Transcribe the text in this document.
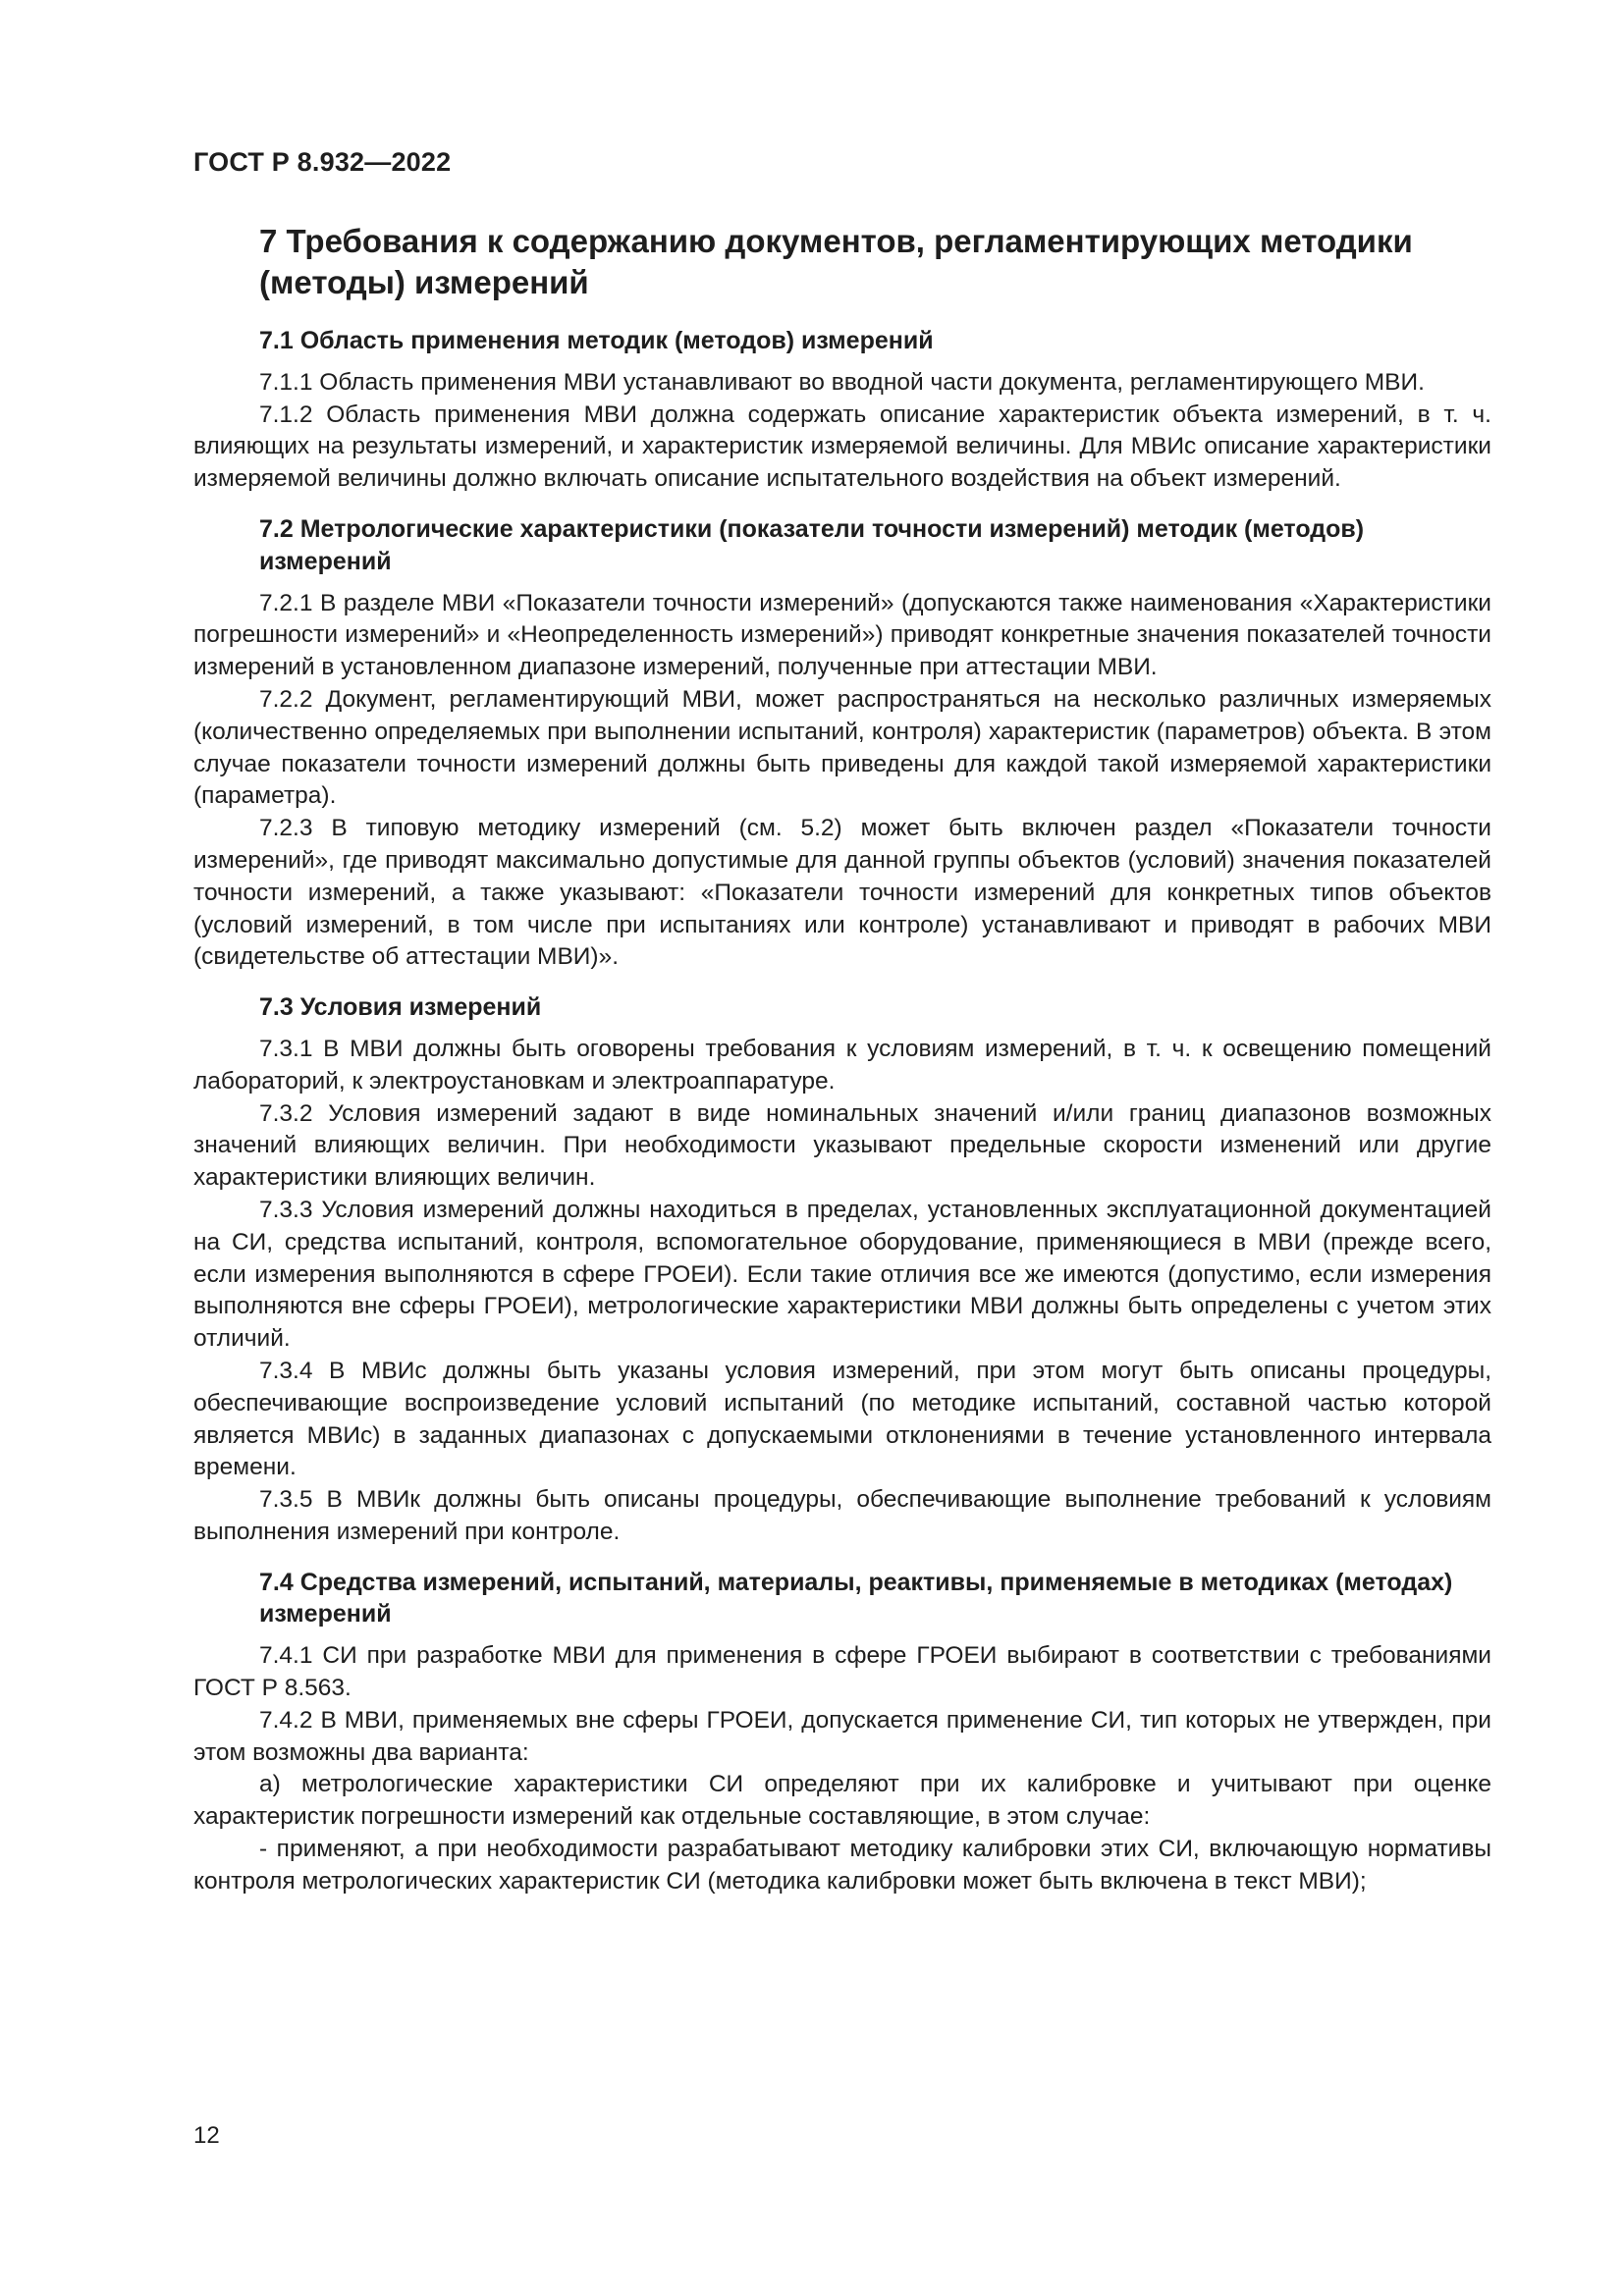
ГОСТ Р 8.932—2022
7 Требования к содержанию документов, регламентирующих методики (методы) измерений
7.1 Область применения методик (методов) измерений

7.1.1 Область применения МВИ устанавливают во вводной части документа, регламентирующего МВИ.

7.1.2 Область применения МВИ должна содержать описание характеристик объекта измерений, в т. ч. влияющих на результаты измерений, и характеристик измеряемой величины. Для МВИс описание характеристики измеряемой величины должно включать описание испытательного воздействия на объект измерений.

7.2 Метрологические характеристики (показатели точности измерений) методик (методов) измерений

7.2.1 В разделе МВИ «Показатели точности измерений» (допускаются также наименования «Характеристики погрешности измерений» и «Неопределенность измерений») приводят конкретные значения показателей точности измерений в установленном диапазоне измерений, полученные при аттестации МВИ.

7.2.2 Документ, регламентирующий МВИ, может распространяться на несколько различных измеряемых (количественно определяемых при выполнении испытаний, контроля) характеристик (параметров) объекта. В этом случае показатели точности измерений должны быть приведены для каждой такой измеряемой характеристики (параметра).

7.2.3 В типовую методику измерений (см. 5.2) может быть включен раздел «Показатели точности измерений», где приводят максимально допустимые для данной группы объектов (условий) значения показателей точности измерений, а также указывают: «Показатели точности измерений для конкретных типов объектов (условий измерений, в том числе при испытаниях или контроле) устанавливают и приводят в рабочих МВИ (свидетельстве об аттестации МВИ)».

7.3 Условия измерений

7.3.1 В МВИ должны быть оговорены требования к условиям измерений, в т. ч. к освещению помещений лабораторий, к электроустановкам и электроаппаратуре.

7.3.2 Условия измерений задают в виде номинальных значений и/или границ диапазонов возможных значений влияющих величин. При необходимости указывают предельные скорости изменений или другие характеристики влияющих величин.

7.3.3 Условия измерений должны находиться в пределах, установленных эксплуатационной документацией на СИ, средства испытаний, контроля, вспомогательное оборудование, применяющиеся в МВИ (прежде всего, если измерения выполняются в сфере ГРОЕИ). Если такие отличия все же имеются (допустимо, если измерения выполняются вне сферы ГРОЕИ), метрологические характеристики МВИ должны быть определены с учетом этих отличий.

7.3.4 В МВИс должны быть указаны условия измерений, при этом могут быть описаны процедуры, обеспечивающие воспроизведение условий испытаний (по методике испытаний, составной частью которой является МВИс) в заданных диапазонах с допускаемыми отклонениями в течение установленного интервала времени.

7.3.5 В МВИк должны быть описаны процедуры, обеспечивающие выполнение требований к условиям выполнения измерений при контроле.

7.4 Средства измерений, испытаний, материалы, реактивы, применяемые в методиках (методах) измерений

7.4.1 СИ при разработке МВИ для применения в сфере ГРОЕИ выбирают в соответствии с требованиями ГОСТ Р 8.563.

7.4.2 В МВИ, применяемых вне сферы ГРОЕИ, допускается применение СИ, тип которых не утвержден, при этом возможны два варианта:

а) метрологические характеристики СИ определяют при их калибровке и учитывают при оценке характеристик погрешности измерений как отдельные составляющие, в этом случае:

- применяют, а при необходимости разрабатывают методику калибровки этих СИ, включающую нормативы контроля метрологических характеристик СИ (методика калибровки может быть включена в текст МВИ);

12
